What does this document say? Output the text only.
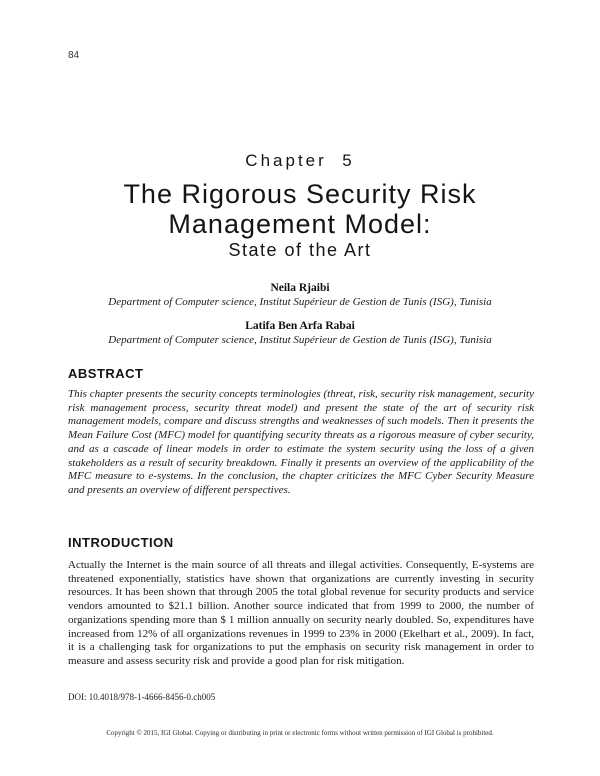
84
Chapter  5
The Rigorous Security Risk
Management Model:
State of the Art
Neila Rjaibi
Department of Computer science, Institut Supérieur de Gestion de Tunis (ISG), Tunisia
Latifa Ben Arfa Rabai
Department of Computer science, Institut Supérieur de Gestion de Tunis (ISG), Tunisia
ABSTRACT

This chapter presents the security concepts terminologies (threat, risk, security risk management, security risk management process, security threat model) and present the state of the art of security risk management models, compare and discuss strengths and weaknesses of such models. Then it presents the Mean Failure Cost (MFC) model for quantifying security threats as a rigorous measure of cyber security, and as a cascade of linear models in order to estimate the system security using the loss of a given stakeholders as a result of security breakdown. Finally it presents an overview of the applicability of the MFC measure to e-systems. In the conclusion, the chapter criticizes the MFC Cyber Security Measure and presents an overview of different perspectives.

INTRODUCTION

Actually the Internet is the main source of all threats and illegal activities. Consequently, E-systems are threatened exponentially, statistics have shown that organizations are currently investing in security resources. It has been shown that through 2005 the total global revenue for security products and service vendors amounted to $21.1 billion. Another source indicated that from 1999 to 2000, the number of organizations spending more than $ 1 million annually on security nearly doubled. So, expenditures have increased from 12% of all organizations revenues in 1999 to 23% in 2000 (Ekelhart et al., 2009). In fact, it is a challenging task for organizations to put the emphasis on security risk management in order to measure and assess security risk and provide a good plan for risk mitigation.

DOI: 10.4018/978-1-4666-8456-0.ch005
Copyright © 2015, IGI Global. Copying or distributing in print or electronic forms without written permission of IGI Global is prohibited.
